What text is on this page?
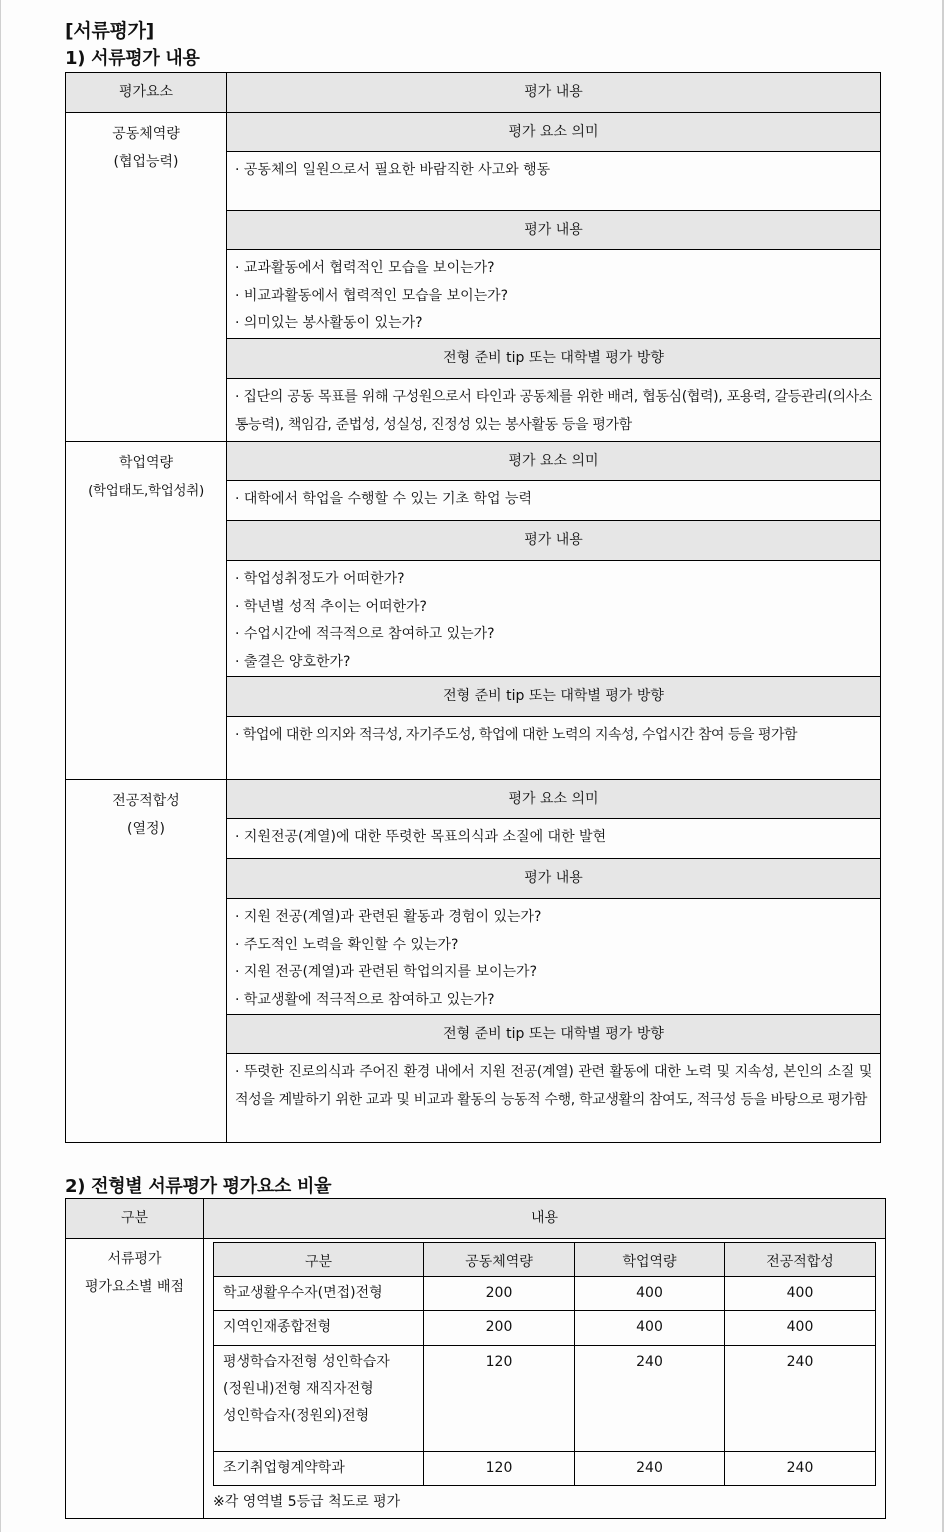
[서류평가]
1) 서류평가 내용
평가요소	평가 내용
공동체역량
(협업능력)
평가 요소 의미
· 공동체의 일원으로서 필요한 바람직한 사고와 행동
평가 내용
· 교과활동에서 협력적인 모습을 보이는가?
· 비교과활동에서 협력적인 모습을 보이는가?
· 의미있는 봉사활동이 있는가?
전형 준비 tip 또는 대학별 평가 방향
· 집단의 공동 목표를 위해 구성원으로서 타인과 공동체를 위한 배려, 협동심(협력), 포용력, 갈등관리(의사소통능력), 책임감, 준법성, 성실성, 진정성 있는 봉사활동 등을 평가함
학업역량
(학업태도,학업성취)
평가 요소 의미
· 대학에서 학업을 수행할 수 있는 기초 학업 능력
평가 내용
· 학업성취정도가 어떠한가?
· 학년별 성적 추이는 어떠한가?
· 수업시간에 적극적으로 참여하고 있는가?
· 출결은 양호한가?
전형 준비 tip 또는 대학별 평가 방향
· 학업에 대한 의지와 적극성, 자기주도성, 학업에 대한 노력의 지속성, 수업시간 참여 등을 평가함
전공적합성
(열정)
평가 요소 의미
· 지원전공(계열)에 대한 뚜렷한 목표의식과 소질에 대한 발현
평가 내용
· 지원 전공(계열)과 관련된 활동과 경험이 있는가?
· 주도적인 노력을 확인할 수 있는가?
· 지원 전공(계열)과 관련된 학업의지를 보이는가?
· 학교생활에 적극적으로 참여하고 있는가?
전형 준비 tip 또는 대학별 평가 방향
· 뚜렷한 진로의식과 주어진 환경 내에서 지원 전공(계열) 관련 활동에 대한 노력 및 지속성, 본인의 소질 및 적성을 계발하기 위한 교과 및 비교과 활동의 능동적 수행, 학교생활의 참여도, 적극성 등을 바탕으로 평가함
2) 전형별 서류평가 평가요소 비율
구분	내용
서류평가
평가요소별 배점
구분	공동체역량	학업역량	전공적합성
학교생활우수자(면접)전형	200	400	400
지역인재종합전형	200	400	400
평생학습자전형 성인학습자
(정원내)전형 재직자전형
성인학습자(정원외)전형
120	240	240
조기취업형계약학과	120	240	240
※각 영역별 5등급 척도로 평가
